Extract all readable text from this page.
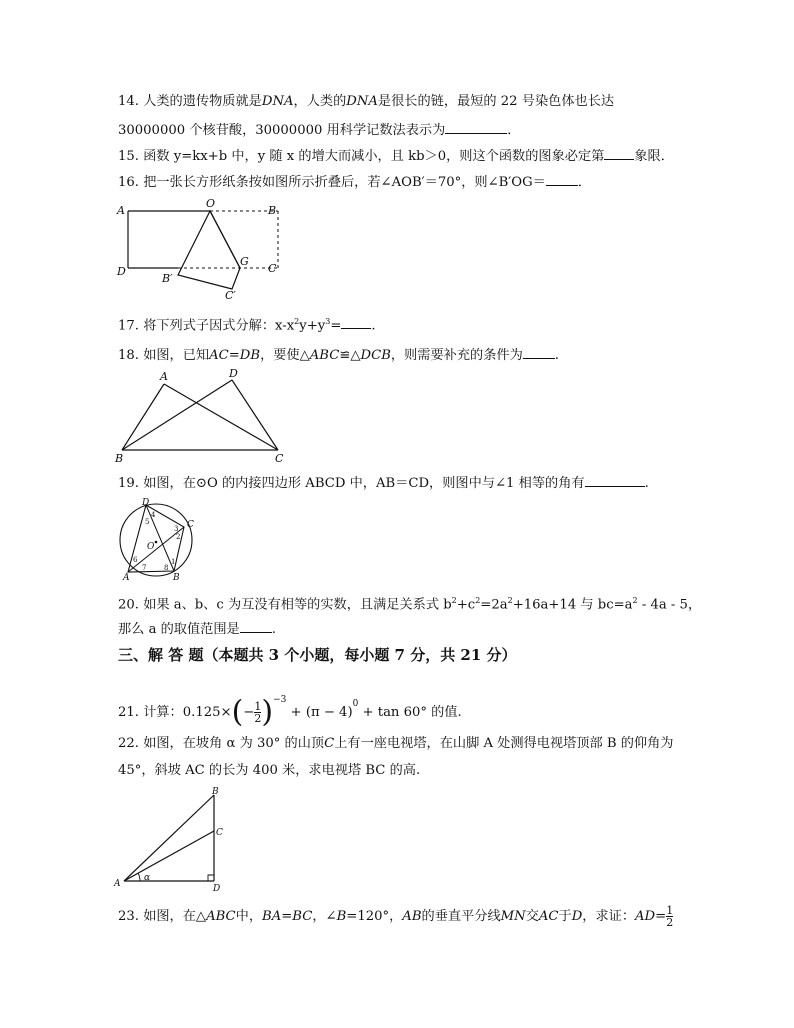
14. 人类的遗传物质就是DNA，人类的DNA是很长的链，最短的 22 号染色体也长达
30000000 个核苷酸，30000000 用科学记数法表示为	．
15. 函数 y=kx+b 中，y 随 x 的增大而减小，且 kb＞0，则这个函数的图象必定第 象限．
16. 把一张长方形纸条按如图所示折叠后，若∠AOB′＝70°，则∠B′OG＝ ．
A
O
B
D
B′
G
C
C′
17. 将下列式子因式分解：$x-x^2y+y^3=$ .
18. 如图，已知AC=DB，要使△ABC≌△DCB，则需要补充的条件为 .
A	D
B	C
19. 如图，在⊙O 的内接四边形 ABCD 中，AB＝CD，则图中与∠1 相等的角有	.
D
C
A	B
O
1
2
3
4
5
6
7	8
20. 如果 a、b、c 为互没有相等的实数，且满足关系式 $b^2+c^2=2a^2+16a+14$ 与 $bc=a^2 - 4a - 5$，
那么 a 的取值范围是 .
三、解 答 题（本题共 3 个小题，每小题 7 分，共 21 分）
21. 计算：$0.125\times(- \frac{1}{2} )^{-3} + (\pi - 4)^0 + \tan 60^\circ$ 的值.
22. 如图，在坡角 α 为 30° 的山顶C上有一座电视塔，在山脚 A 处测得电视塔顶部 B 的仰角为
45°，斜坡 AC 的长为 400 米，求电视塔 BC 的高.
B
C
A	D
α
23. 如图，在△ABC中，BA=BC，∠B=120°，AB的垂直平分线MN交AC于D，求证：$AD= \frac{1}{2}$
